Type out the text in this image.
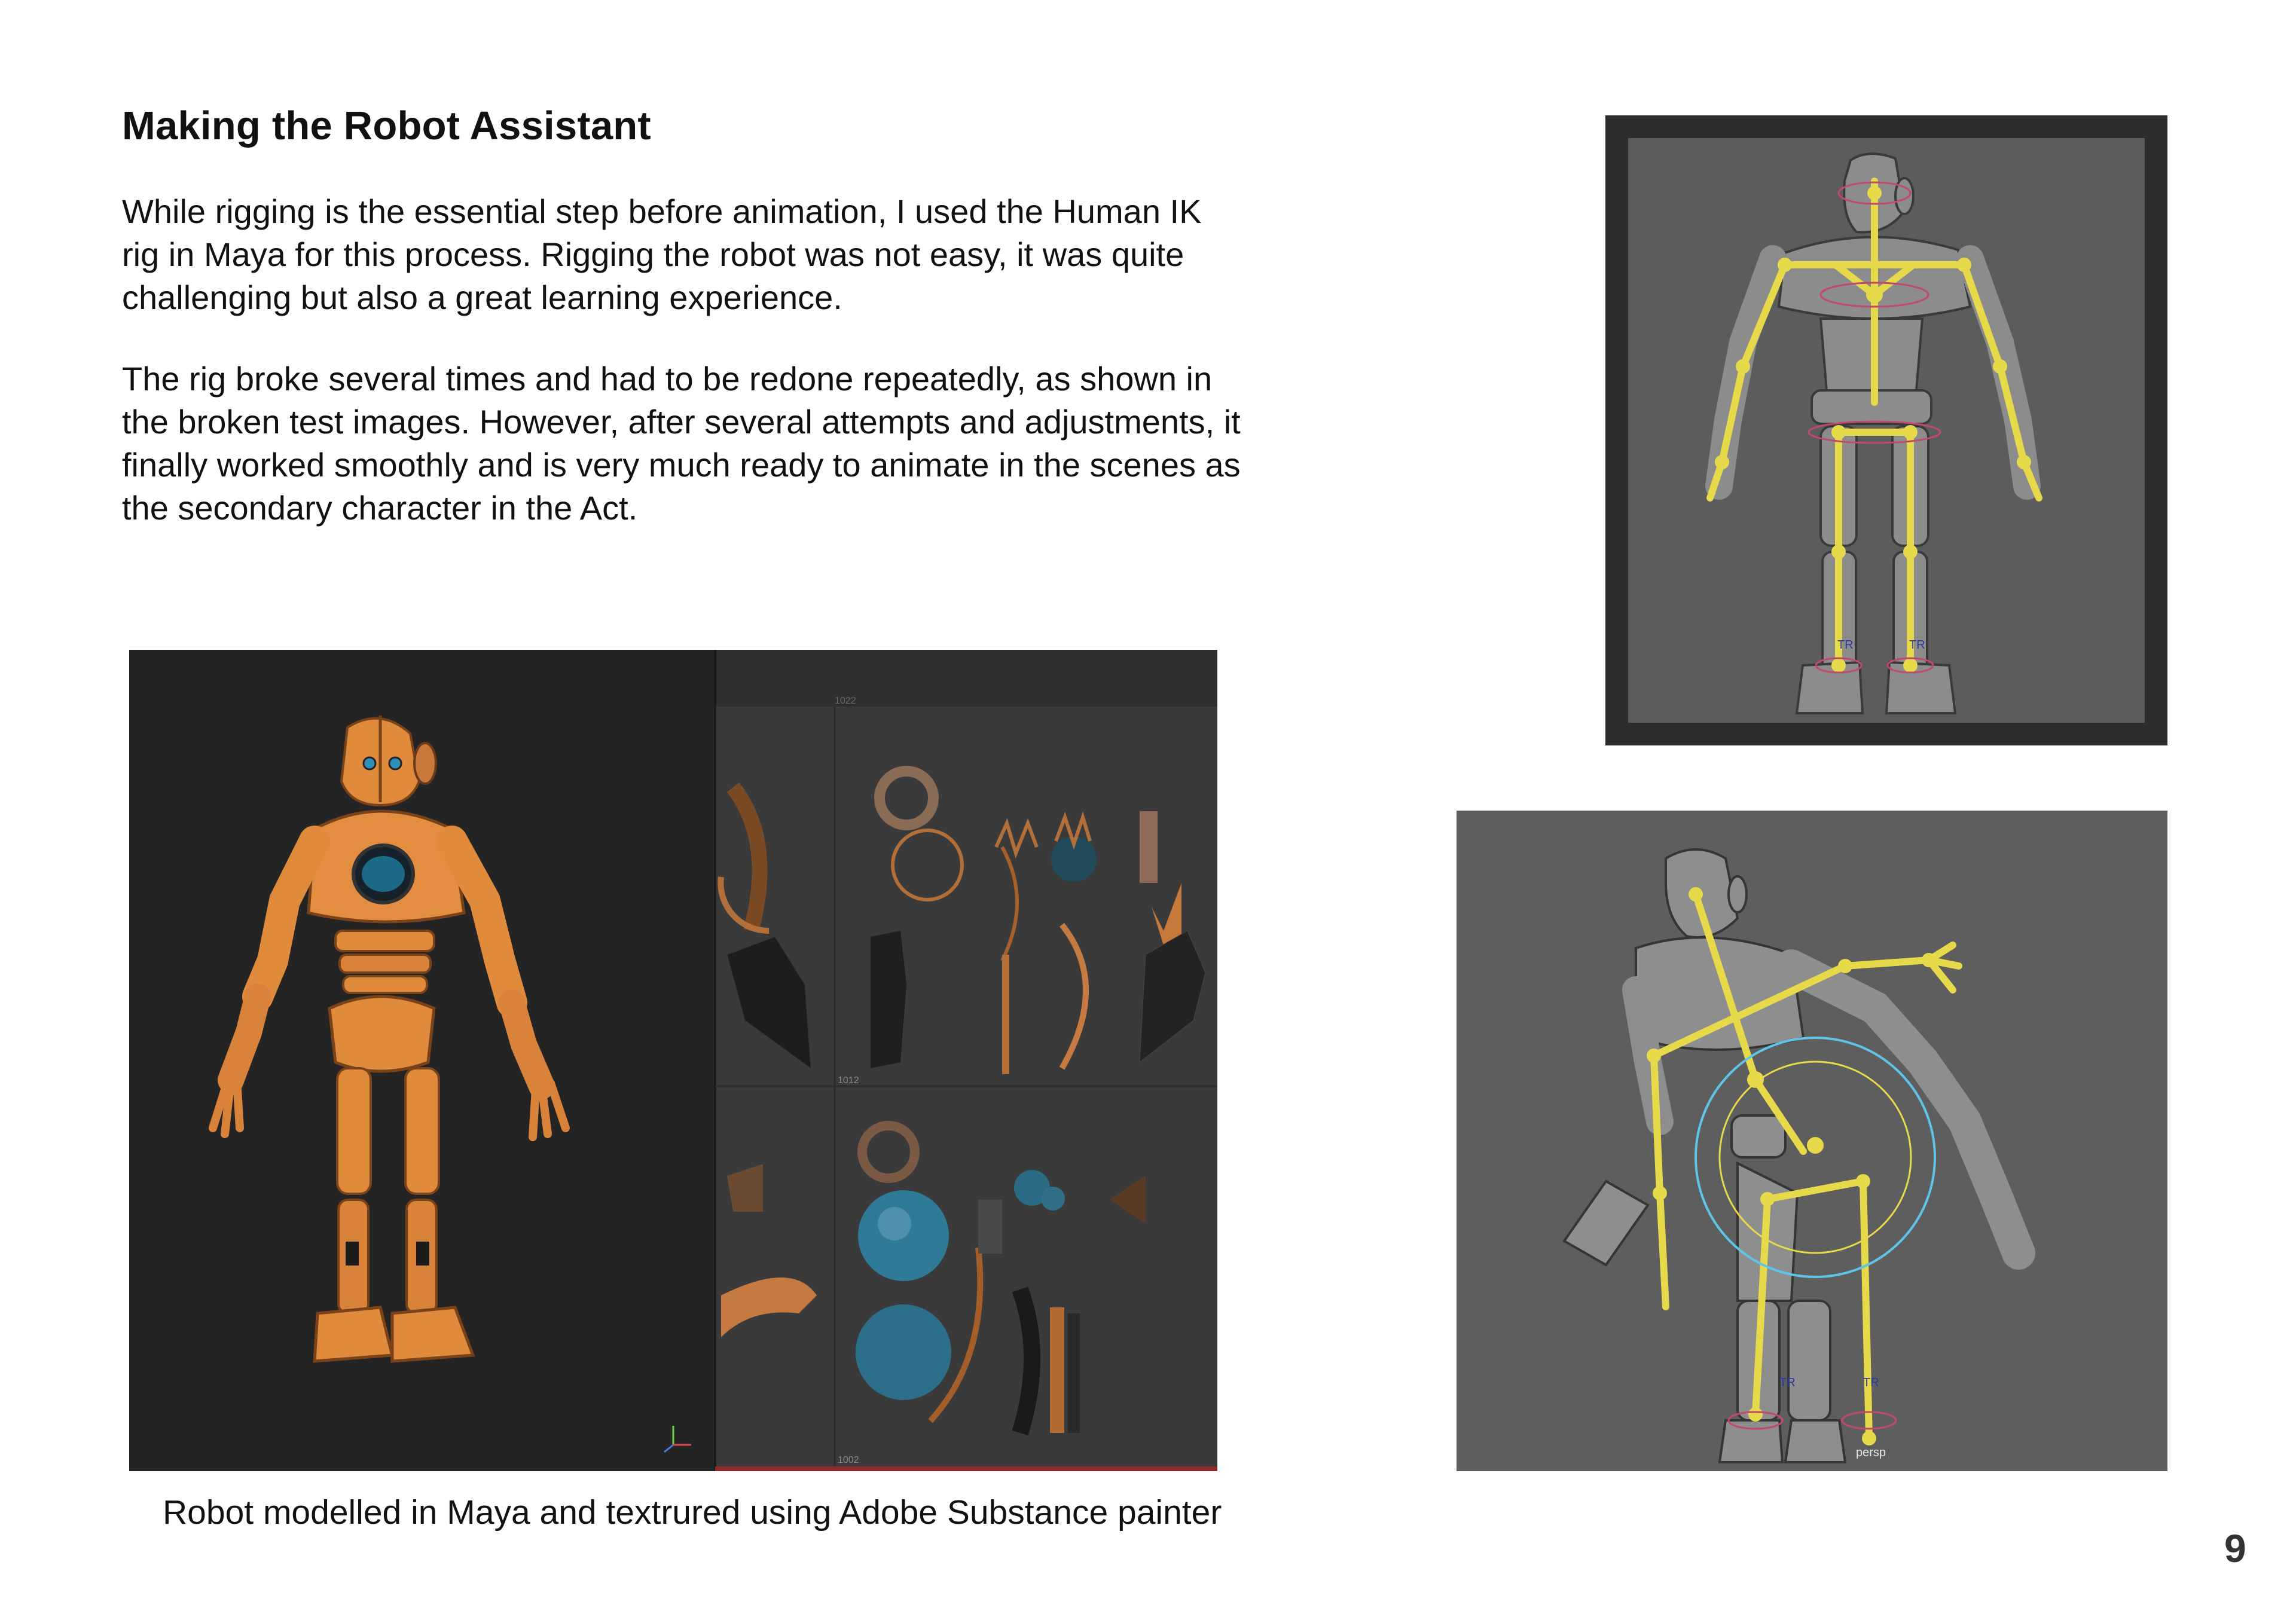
Making the Robot Assistant

While rigging is the essential step before animation, I used the Human IK
rig in Maya for this process. Rigging the robot was not easy, it was quite
challenging but also a great learning experience.

The rig broke several times and had to be redone repeatedly, as shown in
the broken test images. However, after several attempts and adjustments, it
finally worked smoothly and is very much ready to animate in the scenes as
the secondary character in the Act.

1022
1012
1002

Robot modelled in Maya and textrured using Adobe Substance painter

TR	TR
TR	TR
persp
9
